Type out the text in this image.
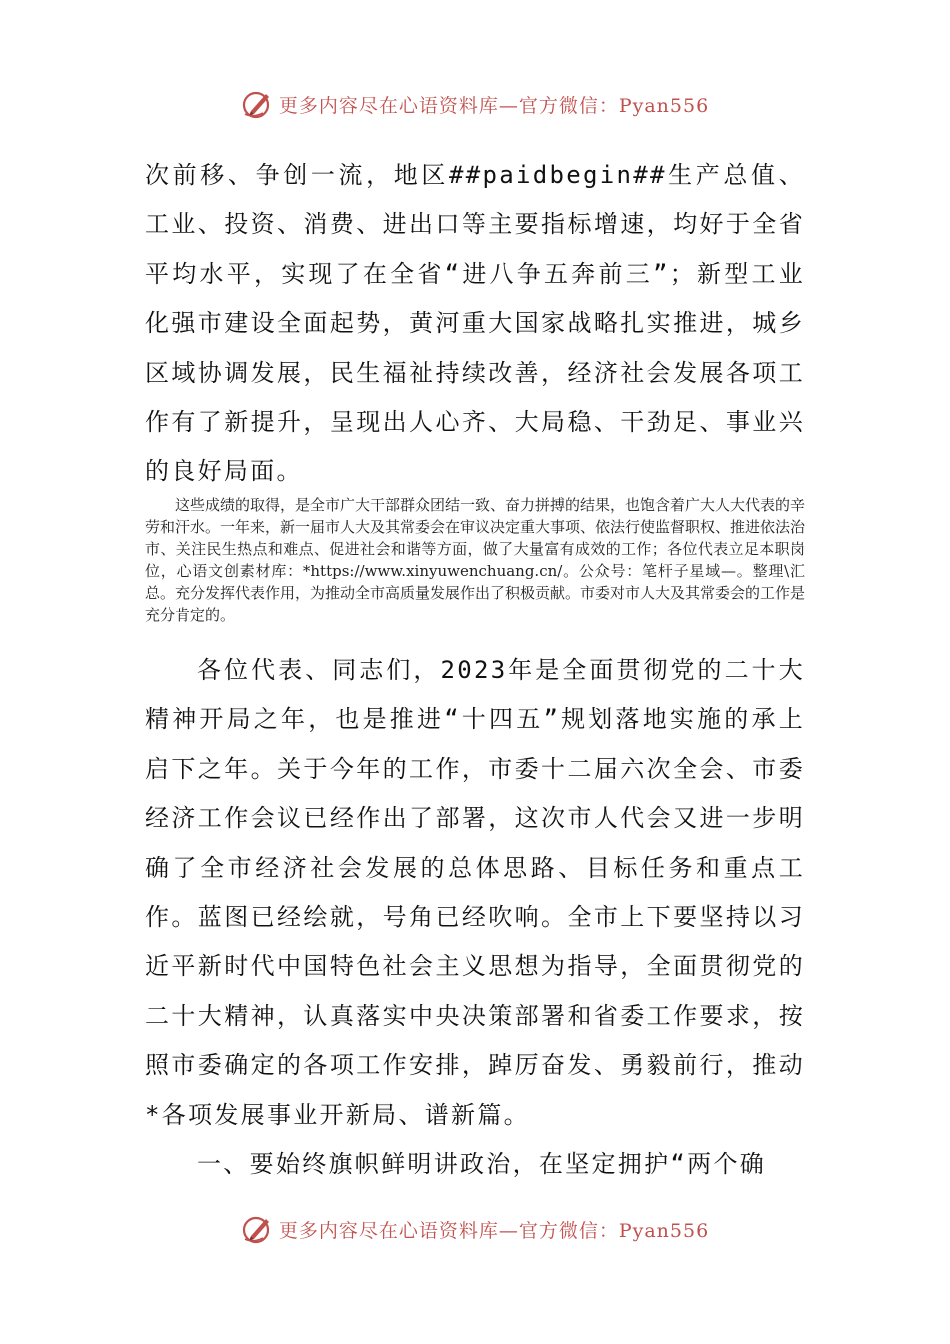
更多内容尽在心语资料库—官方微信：Pyan556

次前移、争创一流，地区##paidbegin##生产总值、工业、投资、消费、进出口等主要指标增速，均好于全省平均水平，实现了在全省“进八争五奔前三”；新型工业化强市建设全面起势，黄河重大国家战略扎实推进，城乡区域协调发展，民生福祉持续改善，经济社会发展各项工作有了新提升，呈现出人心齐、大局稳、干劲足、事业兴的良好局面。

这些成绩的取得，是全市广大干部群众团结一致、奋力拼搏的结果，也饱含着广大人大代表的辛劳和汗水。一年来，新一届市人大及其常委会在审议决定重大事项、依法行使监督职权、推进依法治市、关注民生热点和难点、促进社会和谐等方面，做了大量富有成效的工作；各位代表立足本职岗位，心语文创素材库：*https://www.xinyuwenchuang.cn/。公众号：笔杆子星域—。整理\汇总。充分发挥代表作用，为推动全市高质量发展作出了积极贡献。市委对市人大及其常委会的工作是充分肯定的。

各位代表、同志们，2023年是全面贯彻党的二十大精神开局之年，也是推进“十四五”规划落地实施的承上启下之年。关于今年的工作，市委十二届六次全会、市委经济工作会议已经作出了部署，这次市人代会又进一步明确了全市经济社会发展的总体思路、目标任务和重点工作。蓝图已经绘就，号角已经吹响。全市上下要坚持以习近平新时代中国特色社会主义思想为指导，全面贯彻党的二十大精神，认真落实中央决策部署和省委工作要求，按照市委确定的各项工作安排，踔厉奋发、勇毅前行，推动*各项发展事业开新局、谱新篇。

一、要始终旗帜鲜明讲政治，在坚定拥护“两个确

更多内容尽在心语资料库—官方微信：Pyan556
